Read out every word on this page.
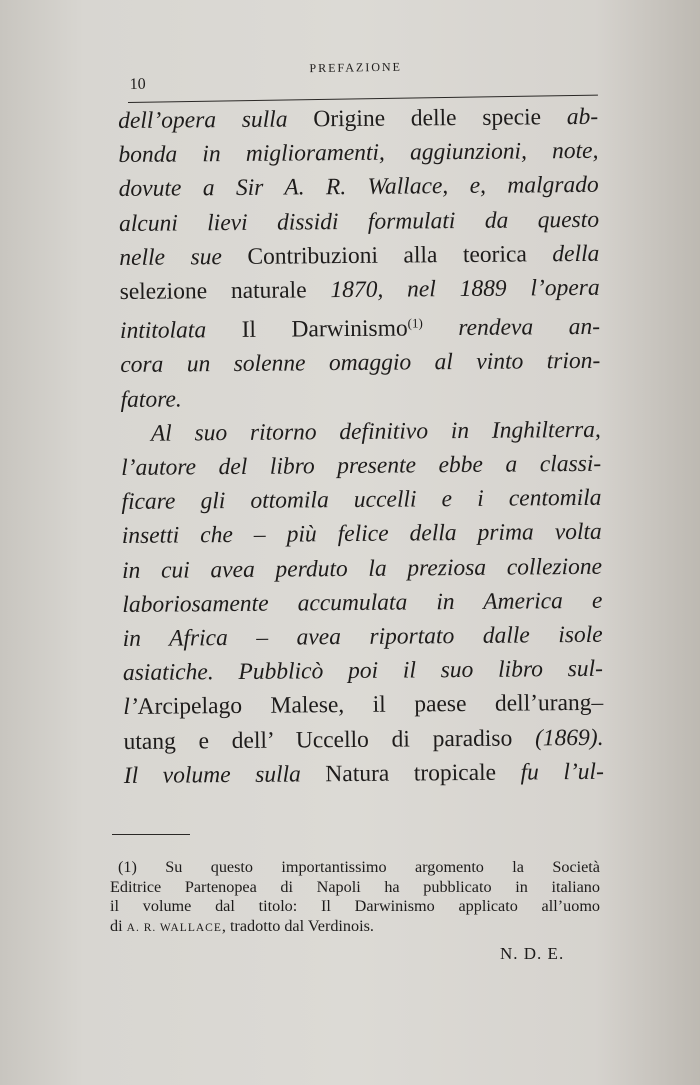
10
PREFAZIONE
dell’opera sulla Origine delle specie ab-
bonda in miglioramenti, aggiunzioni, note,
dovute a Sir A. R. Wallace, e, malgrado
alcuni lievi dissidi formulati da questo
nelle sue Contribuzioni alla teorica della
selezione naturale 1870, nel 1889 l’opera
intitolata Il Darwinismo$^{(1)}$ rendeva an-
cora un solenne omaggio al vinto trion-
fatore.
Al suo ritorno definitivo in Inghilterra,
l’autore del libro presente ebbe a classi-
ficare gli ottomila uccelli e i centomila
insetti che – più felice della prima volta
in cui avea perduto la preziosa collezione
laboriosamente accumulata in America e
in Africa – avea riportato dalle isole
asiatiche. Pubblicò poi il suo libro sul-
l’Arcipelago Malese, il paese dell’urang–
utang e dell’ Uccello di paradiso (1869).
Il volume sulla Natura tropicale fu l’ul-
(1) Su questo importantissimo argomento la Società
Editrice Partenopea di Napoli ha pubblicato in italiano
il volume dal titolo: Il Darwinismo applicato all’uomo
di A. R. WALLACE, tradotto dal Verdinois.
N. D. E.
